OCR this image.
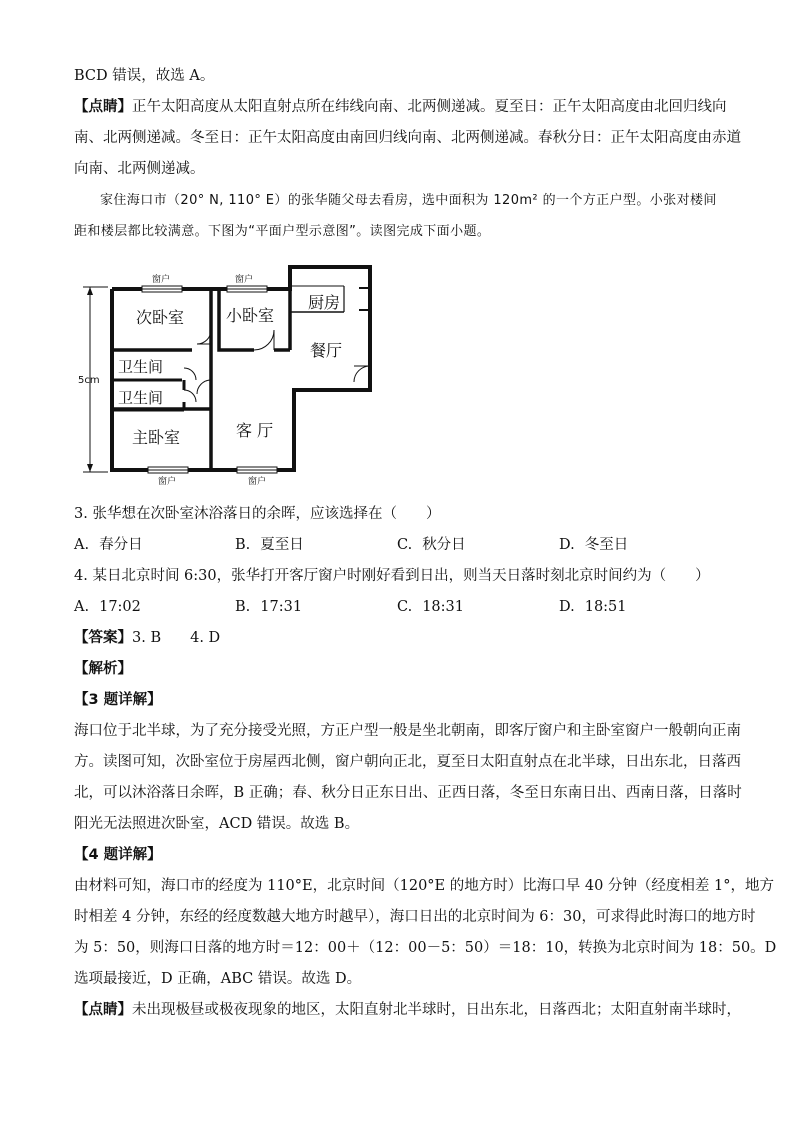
BCD 错误，故选 A。
【点睛】正午太阳高度从太阳直射点所在纬线向南、北两侧递减。夏至日：正午太阳高度由北回归线向
南、北两侧递减。冬至日：正午太阳高度由南回归线向南、北两侧递减。春秋分日：正午太阳高度由赤道
向南、北两侧递减。
家住海口市（20° N, 110° E）的张华随父母去看房，选中面积为 120m² 的一个方正户型。小张对楼间
距和楼层都比较满意。下图为“平面户型示意图”。读图完成下面小题。
5cm
窗户	窗户
窗户	窗户
次卧室	小卧室
厨房
餐厅
卫生间
卫生间
主卧室	客 厅
3. 张华想在次卧室沐浴落日的余晖，应该选择在（　　）
A. 春分日	B. 夏至日	C. 秋分日	D. 冬至日
4. 某日北京时间 6:30，张华打开客厅窗户时刚好看到日出，则当天日落时刻北京时间约为（　　）
A. 17:02	B. 17:31	C. 18:31	D. 18:51
【答案】3. B　　4. D
【解析】
【3 题详解】
海口位于北半球，为了充分接受光照，方正户型一般是坐北朝南，即客厅窗户和主卧室窗户一般朝向正南
方。读图可知，次卧室位于房屋西北侧，窗户朝向正北，夏至日太阳直射点在北半球，日出东北，日落西
北，可以沐浴落日余晖，B 正确；春、秋分日正东日出、正西日落，冬至日东南日出、西南日落，日落时
阳光无法照进次卧室，ACD 错误。故选 B。
【4 题详解】
由材料可知，海口市的经度为 110°E，北京时间（120°E 的地方时）比海口早 40 分钟（经度相差 1°，地方
时相差 4 分钟，东经的经度数越大地方时越早），海口日出的北京时间为 6：30，可求得此时海口的地方时
为 5：50，则海口日落的地方时＝12：00＋（12：00－5：50）＝18：10，转换为北京时间为 18：50。D
选项最接近，D 正确，ABC 错误。故选 D。
【点睛】未出现极昼或极夜现象的地区，太阳直射北半球时，日出东北，日落西北；太阳直射南半球时，
